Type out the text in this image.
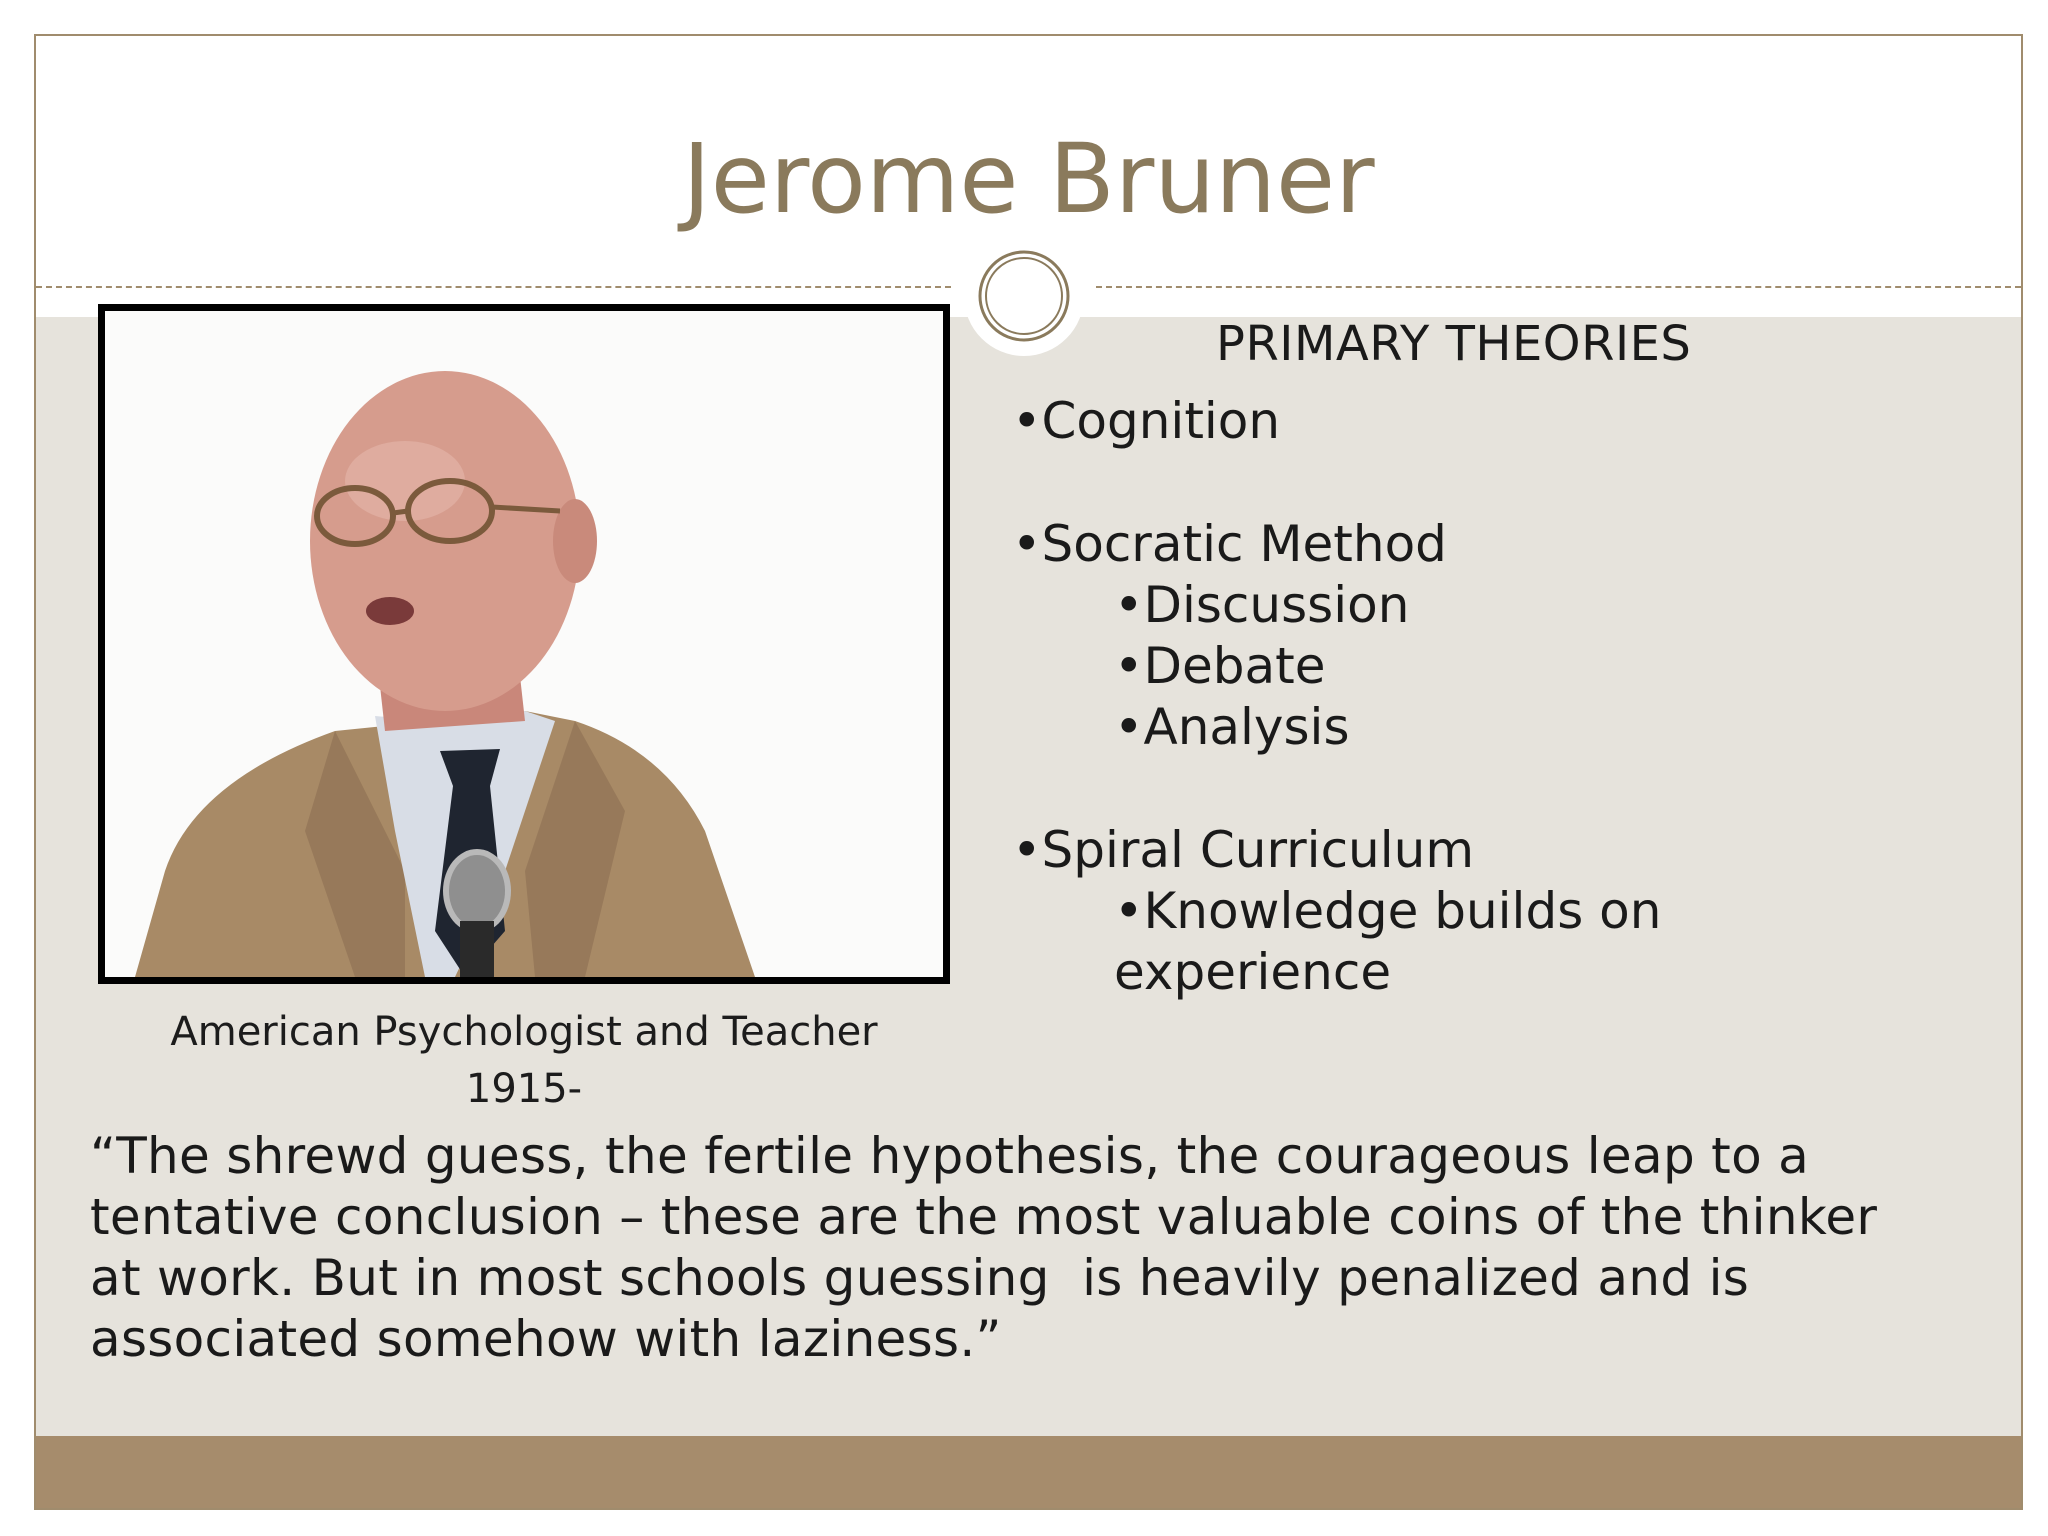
Jerome Bruner
American Psychologist and Teacher
1915-
PRIMARY THEORIES
•Cognition
•Socratic Method
•Discussion
•Debate
•Analysis
•Spiral Curriculum
•Knowledge builds on
experience
“The shrewd guess, the fertile hypothesis, the courageous leap to a
tentative conclusion – these are the most valuable coins of the thinker
at work. But in most schools guessing  is heavily penalized and is
associated somehow with laziness.”
